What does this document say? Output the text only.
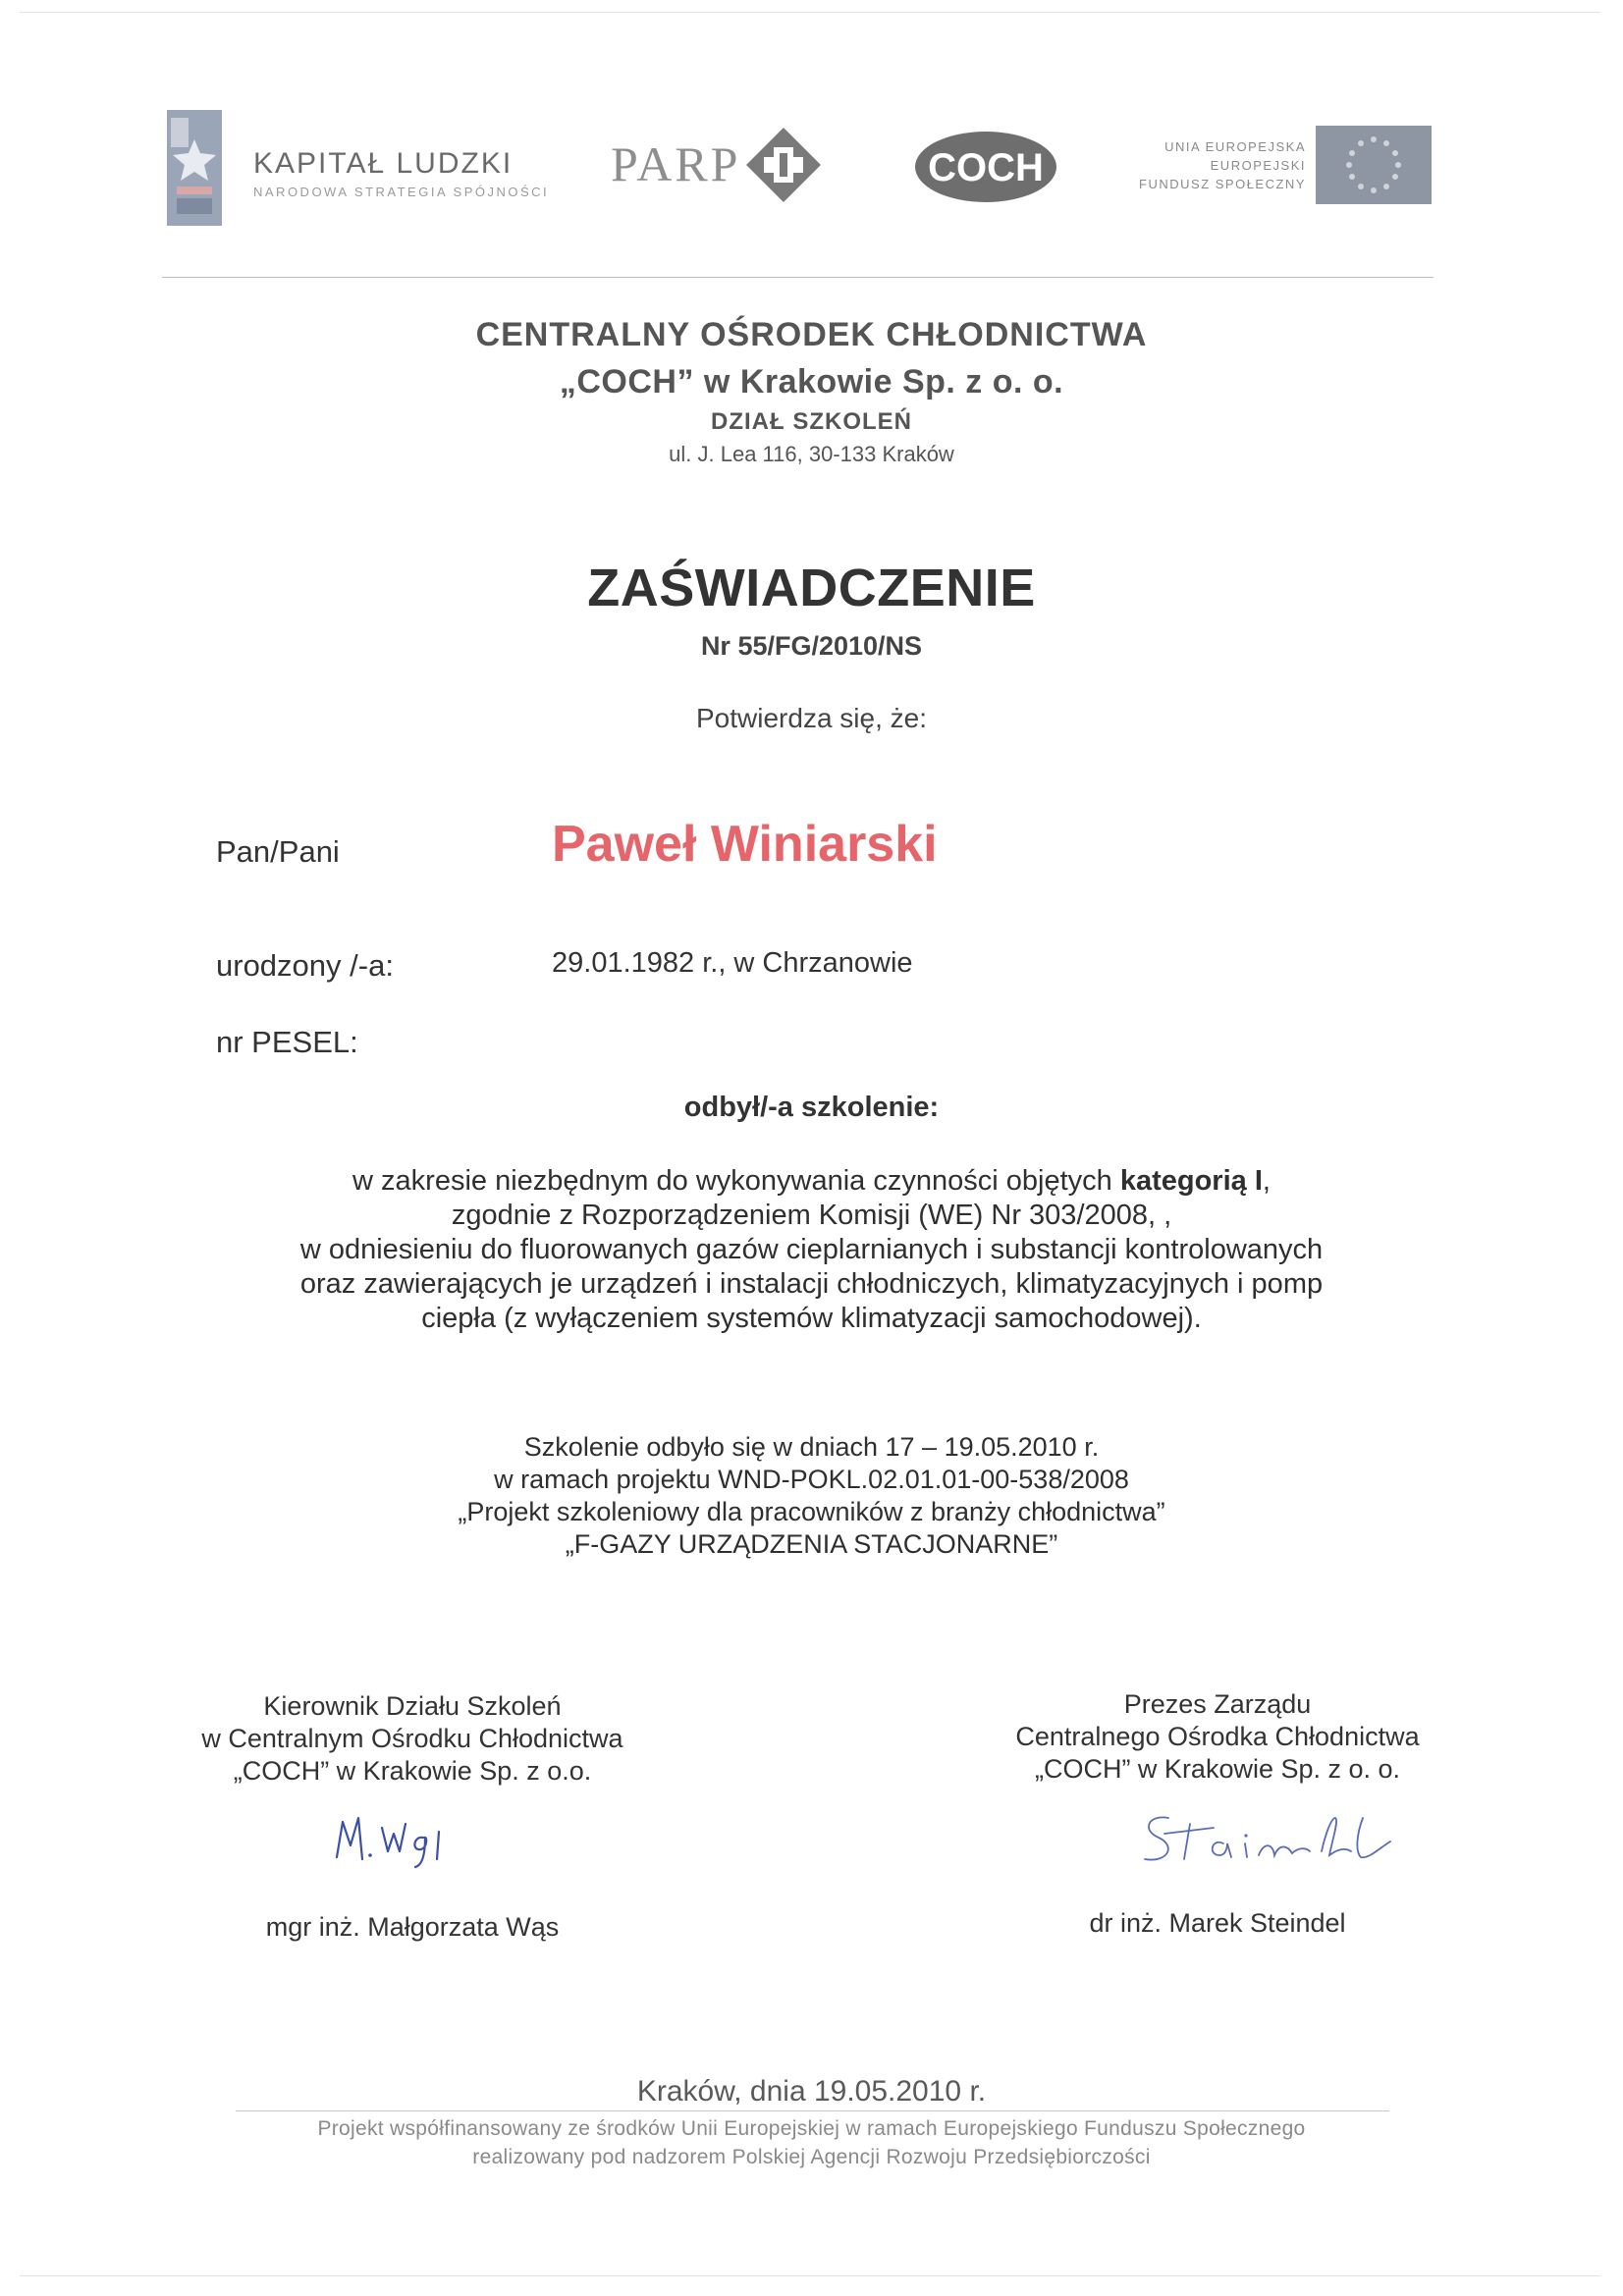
KAPITAŁ LUDZKI
NARODOWA STRATEGIA SPÓJNOŚCI
PARP	COCH	UNIA EUROPEJSKA
EUROPEJSKI
FUNDUSZ SPOŁECZNY
CENTRALNY OŚRODEK CHŁODNICTWA
„COCH” w Krakowie Sp. z o. o.
DZIAŁ SZKOLEŃ
ul. J. Lea 116, 30-133 Kraków
ZAŚWIADCZENIE
Nr 55/FG/2010/NS
Potwierdza się, że:
Pan/Pani	Paweł Winiarski
urodzony /-a:	29.01.1982 r., w Chrzanowie
nr PESEL:
odbył/-a szkolenie:
w zakresie niezbędnym do wykonywania czynności objętych kategorią I,
zgodnie z Rozporządzeniem Komisji (WE) Nr 303/2008, ,
w odniesieniu do fluorowanych gazów cieplarnianych i substancji kontrolowanych
oraz zawierających je urządzeń i instalacji chłodniczych, klimatyzacyjnych i pomp
ciepła (z wyłączeniem systemów klimatyzacji samochodowej).
Szkolenie odbyło się w dniach 17 – 19.05.2010 r.
w ramach projektu WND-POKL.02.01.01-00-538/2008
„Projekt szkoleniowy dla pracowników z branży chłodnictwa”
„F-GAZY URZĄDZENIA STACJONARNE”
Kierownik Działu Szkoleń
w Centralnym Ośrodku Chłodnictwa
„COCH” w Krakowie Sp. z o.o.
mgr inż. Małgorzata Wąs
Prezes Zarządu
Centralnego Ośrodka Chłodnictwa
„COCH” w Krakowie Sp. z o. o.
dr inż. Marek Steindel
Kraków, dnia 19.05.2010 r.
Projekt współfinansowany ze środków Unii Europejskiej w ramach Europejskiego Funduszu Społecznego
realizowany pod nadzorem Polskiej Agencji Rozwoju Przedsiębiorczości
